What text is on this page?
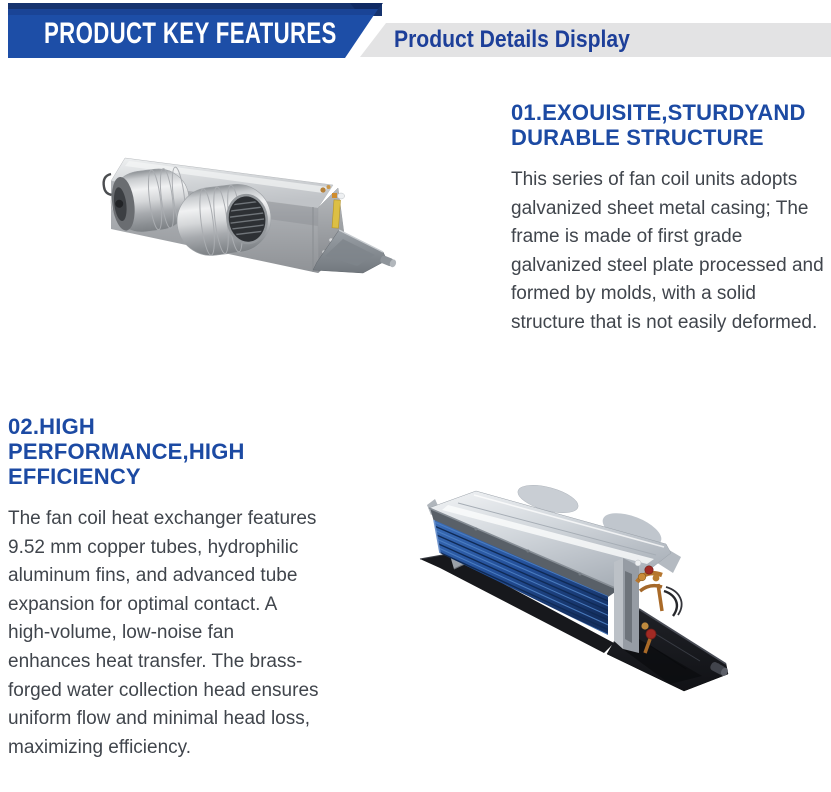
PRODUCT KEY FEATURES Product Details Display
01.EXOUISITE,STURDYAND DURABLE STRUCTURE

This series of fan coil units adopts galvanized sheet metal casing; The frame is made of first grade galvanized steel plate processed and formed by molds, with a solid structure that is not easily deformed.

02.HIGH PERFORMANCE,HIGH EFFICIENCY

The fan coil heat exchanger features 9.52 mm copper tubes, hydrophilic aluminum fins, and advanced tube expansion for optimal contact. A high-volume, low-noise fan enhances heat transfer. The brass-forged water collection head ensures uniform flow and minimal head loss, maximizing efficiency.
